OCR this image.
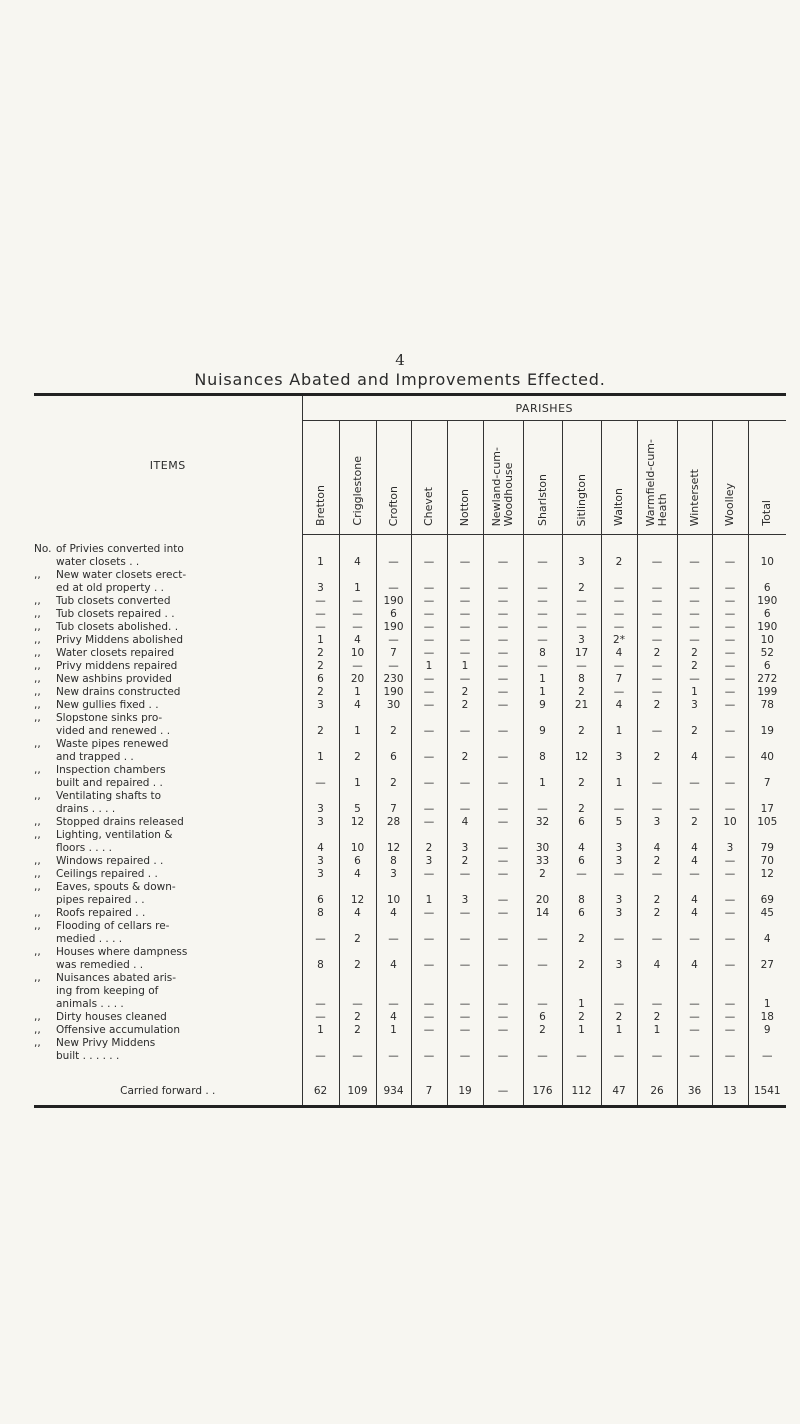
4
Nuisances Abated and Improvements Effected.

ITEMS	PARISHES												
	Bretton	Crigglestone	Crofton	Chevet	Notton	Newland-cum-
Woodhouse	Sharlston	Sitlington	Walton	Warmfield-cum-
Heath	Wintersett	Woolley	Total

No. of Privies converted into
water closets . .	1	4	—	—	—	—	—	3	2	—	—	—	10

,, New water closets erect-
ed at old property . .	3	1	—	—	—	—	—	2	—	—	—	—	6

,, Tub closets converted	—	—	190	—	—	—	—	—	—	—	—	—	190

,, Tub closets repaired . .	—	—	6	—	—	—	—	—	—	—	—	—	6

,, Tub closets abolished. .	—	—	190	—	—	—	—	—	—	—	—	—	190

,, Privy Middens abolished	1	4	—	—	—	—	—	3	2*	—	—	—	10

,, Water closets repaired	2	10	7	—	—	—	8	17	4	2	2	—	52

,, Privy middens repaired	2	—	—	1	1	—	—	—	—	—	2	—	6

,, New ashbins provided	6	20	230	—	—	—	1	8	7	—	—	—	272

,, New drains constructed	2	1	190	—	2	—	1	2	—	—	1	—	199

,, New gullies fixed . .	3	4	30	—	2	—	9	21	4	2	3	—	78

,, Slopstone sinks pro-
vided and renewed . .	2	1	2	—	—	—	9	2	1	—	2	—	19

,, Waste pipes renewed
and trapped . .	1	2	6	—	2	—	8	12	3	2	4	—	40

,, Inspection chambers
built and repaired . .	—	1	2	—	—	—	1	2	1	—	—	—	7

,, Ventilating shafts to
drains . . . .	3	5	7	—	—	—	—	2	—	—	—	—	17

,, Stopped drains released	3	12	28	—	4	—	32	6	5	3	2	10	105

,, Lighting, ventilation &
floors . . . .	4	10	12	2	3	—	30	4	3	4	4	3	79

,, Windows repaired . .	3	6	8	3	2	—	33	6	3	2	4	—	70

,, Ceilings repaired . .	3	4	3	—	—	—	2	—	—	—	—	—	12

,, Eaves, spouts & down-
pipes repaired . .	6	12	10	1	3	—	20	8	3	2	4	—	69

,, Roofs repaired . .	8	4	4	—	—	—	14	6	3	2	4	—	45

,, Flooding of cellars re-
medied . . . .	—	2	—	—	—	—	—	2	—	—	—	—	4

,, Houses where dampness
was remedied . .	8	2	4	—	—	—	—	2	3	4	4	—	27

,, Nuisances abated aris-
ing from keeping of
animals . . . .	—	—	—	—	—	—	—	1	—	—	—	—	1

,, Dirty houses cleaned	—	2	4	—	—	—	6	2	2	2	—	—	18

,, Offensive accumulation	1	2	1	—	—	—	2	1	1	1	—	—	9

,, New Privy Middens
built . . . . . .	—	—	—	—	—	—	—	—	—	—	—	—	—

Carried forward . .	62	109	934	7	19	—	176	112	47	26	36	13	1541
